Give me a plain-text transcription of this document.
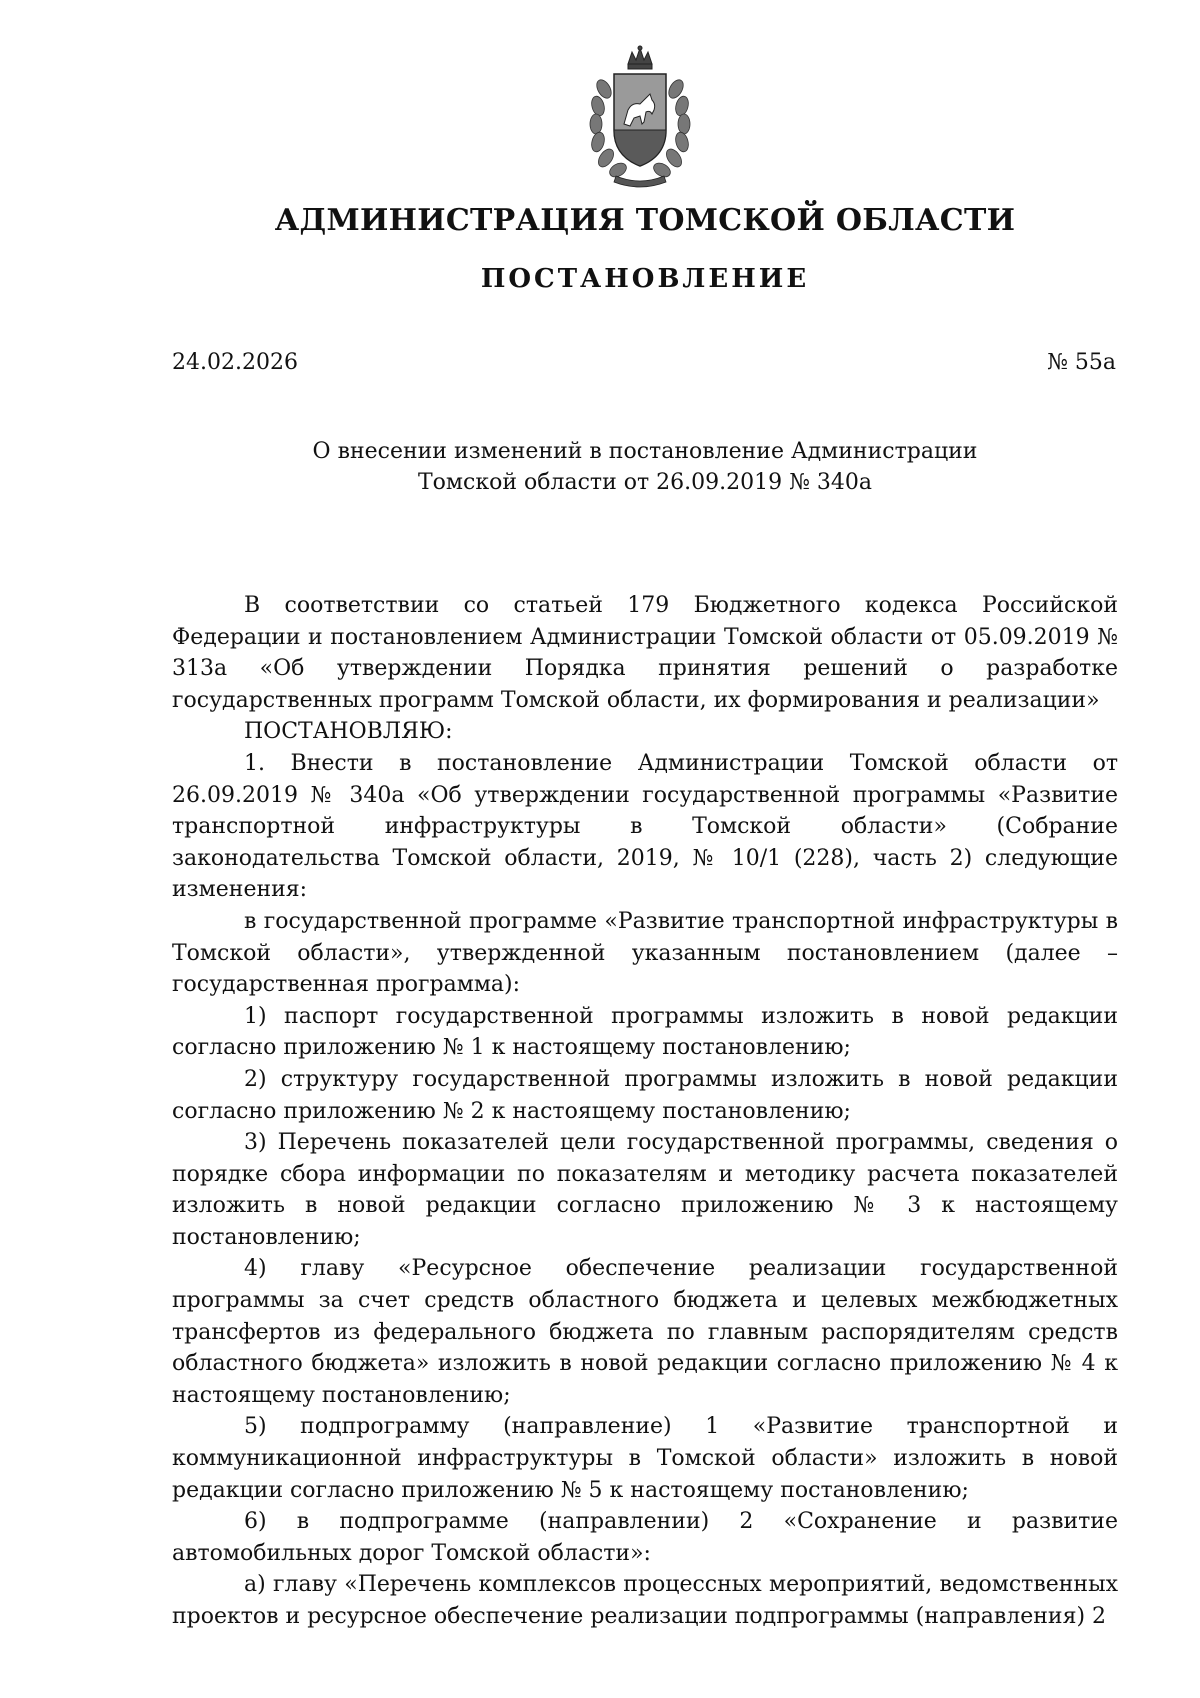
АДМИНИСТРАЦИЯ ТОМСКОЙ ОБЛАСТИ
ПОСТАНОВЛЕНИЕ
24.02.2026	№ 55а
О внесении изменений в постановление Администрации
Томской области от 26.09.2019 № 340а

В соответствии со статьей 179 Бюджетного кодекса Российской Федерации и постановлением Администрации Томской области от 05.09.2019 № 313а «Об утверждении Порядка принятия решений о разработке государственных программ Томской области, их формирования и реализации»

ПОСТАНОВЛЯЮ:

1. Внести в постановление Администрации Томской области от 26.09.2019 № 340а «Об утверждении государственной программы «Развитие транспортной инфраструктуры в Томской области» (Собрание законодательства Томской области, 2019, № 10/1 (228), часть 2) следующие изменения:

в государственной программе «Развитие транспортной инфраструктуры в Томской области», утвержденной указанным постановлением (далее – государственная программа):

1) паспорт государственной программы изложить в новой редакции согласно приложению № 1 к настоящему постановлению;

2) структуру государственной программы изложить в новой редакции согласно приложению № 2 к настоящему постановлению;

3) Перечень показателей цели государственной программы, сведения о порядке сбора информации по показателям и методику расчета показателей изложить в новой редакции согласно приложению № 3 к настоящему постановлению;

4) главу «Ресурсное обеспечение реализации государственной программы за счет средств областного бюджета и целевых межбюджетных трансфертов из федерального бюджета по главным распорядителям средств областного бюджета» изложить в новой редакции согласно приложению № 4 к настоящему постановлению;

5) подпрограмму (направление) 1 «Развитие транспортной и коммуникационной инфраструктуры в Томской области» изложить в новой редакции согласно приложению № 5 к настоящему постановлению;

6) в подпрограмме (направлении) 2 «Сохранение и развитие автомобильных дорог Томской области»:

а) главу «Перечень комплексов процессных мероприятий, ведомственных проектов и ресурсное обеспечение реализации подпрограммы (направления) 2
